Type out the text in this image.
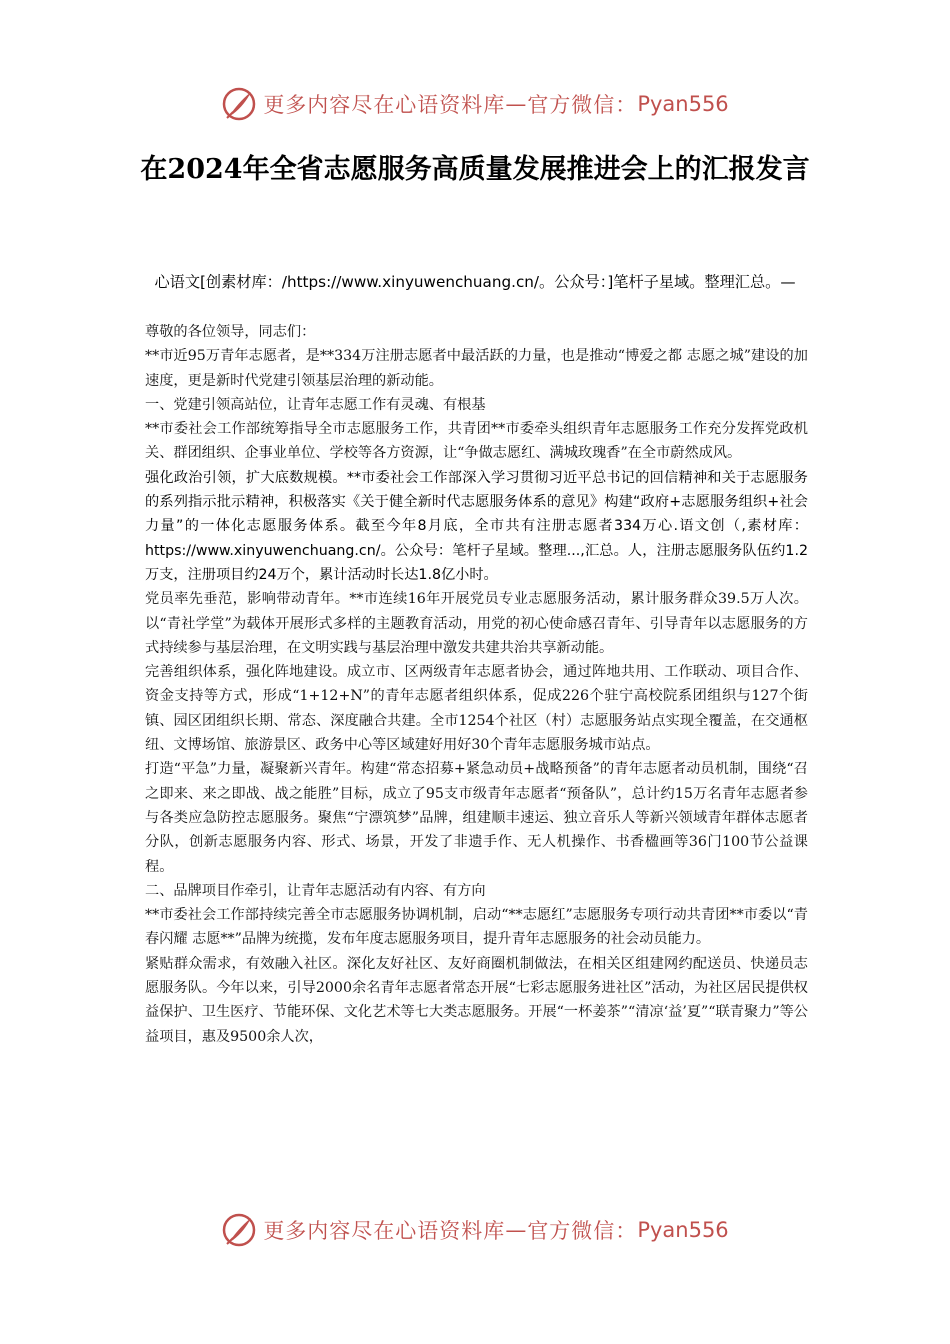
更多内容尽在心语资料库 — 官方微信： Pyan556
在2024年全省志愿服务高质量发展推进会上的汇报发言
心语文[创素材库：/https://www.xinyuwenchuang.cn/。公众号：]笔杆子星域。整理汇总。—

尊敬的各位领导，同志们：

**市近95万青年志愿者，是**334万注册志愿者中最活跃的力量，也是推动“博爱之都 志愿之城”建设的加速度，更是新时代党建引领基层治理的新动能。

一、党建引领高站位，让青年志愿工作有灵魂、有根基

**市委社会工作部统筹指导全市志愿服务工作，共青团**市委牵头组织青年志愿服务工作充分发挥党政机关、群团组织、企事业单位、学校等各方资源，让“争做志愿红、满城玫瑰香”在全市蔚然成风。

强化政治引领，扩大底数规模。**市委社会工作部深入学习贯彻习近平总书记的回信精神和关于志愿服务的系列指示批示精神，积极落实《关于健全新时代志愿服务体系的意见》构建“政府+志愿服务组织+社会力量”的一体化志愿服务体系。截至今年8月底，全市共有注册志愿者334万心.语文创（,素材库：https://www.xinyuwenchuang.cn/。公众号：笔杆子星域。整理...,汇总。人，注册志愿服务队伍约1.2万支，注册项目约24万个，累计活动时长达1.8亿小时。

党员率先垂范，影响带动青年。**市连续16年开展党员专业志愿服务活动，累计服务群众39.5万人次。以“青社学堂”为载体开展形式多样的主题教育活动，用党的初心使命感召青年、引导青年以志愿服务的方式持续参与基层治理，在文明实践与基层治理中激发共建共治共享新动能。

完善组织体系，强化阵地建设。成立市、区两级青年志愿者协会，通过阵地共用、工作联动、项目合作、资金支持等方式，形成“1+12+N”的青年志愿者组织体系，促成226个驻宁高校院系团组织与127个街镇、园区团组织长期、常态、深度融合共建。全市1254个社区（村）志愿服务站点实现全覆盖，在交通枢纽、文博场馆、旅游景区、政务中心等区域建好用好30个青年志愿服务城市站点。

打造“平急”力量，凝聚新兴青年。构建“常态招募+紧急动员+战略预备”的青年志愿者动员机制，围绕“召之即来、来之即战、战之能胜”目标，成立了95支市级青年志愿者“预备队”，总计约15万名青年志愿者参与各类应急防控志愿服务。聚焦“宁漂筑梦”品牌，组建顺丰速运、独立音乐人等新兴领域青年群体志愿者分队，创新志愿服务内容、形式、场景，开发了非遗手作、无人机操作、书香楹画等36门100节公益课程。

二、品牌项目作牵引，让青年志愿活动有内容、有方向

**市委社会工作部持续完善全市志愿服务协调机制，启动“**志愿红”志愿服务专项行动共青团**市委以“青春闪耀 志愿**”品牌为统揽，发布年度志愿服务项目，提升青年志愿服务的社会动员能力。

紧贴群众需求，有效融入社区。深化友好社区、友好商圈机制做法，在相关区组建网约配送员、快递员志愿服务队。今年以来，引导2000余名青年志愿者常态开展“七彩志愿服务进社区”活动，为社区居民提供权益保护、卫生医疗、节能环保、文化艺术等七大类志愿服务。开展“一杯姜茶”“清凉‘益’夏”“联青聚力”等公益项目，惠及9500余人次，

更多内容尽在心语资料库 — 官方微信： Pyan556
